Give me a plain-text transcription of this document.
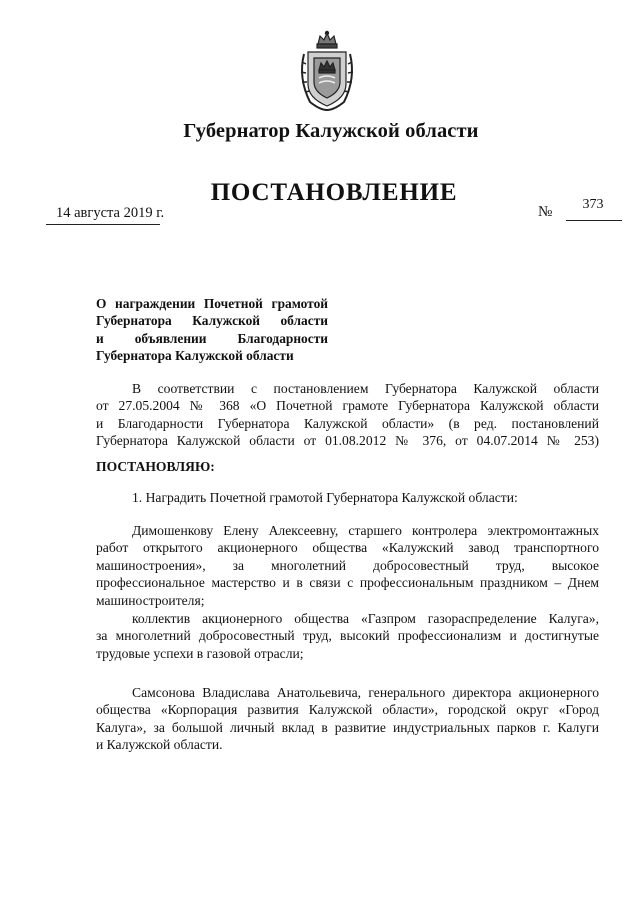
Губернатор Калужской области
ПОСТАНОВЛЕНИЕ
14 августа 2019 г.	№	373
О награждении Почетной грамотой
Губернатора Калужской области
и объявлении Благодарности
Губернатора Калужской области
В соответствии с постановлением Губернатора Калужской области
от 27.05.2004 № 368 «О Почетной грамоте Губернатора Калужской области
и Благодарности Губернатора Калужской области» (в ред. постановлений
Губернатора Калужской области от 01.08.2012 № 376, от 04.07.2014 № 253)
ПОСТАНОВЛЯЮ:
1. Наградить Почетной грамотой Губернатора Калужской области:
Димошенкову Елену Алексеевну, старшего контролера электромонтажных
работ открытого акционерного общества «Калужский завод транспортного
машиностроения», за многолетний добросовестный труд, высокое
профессиональное мастерство и в связи с профессиональным праздником – Днем
машиностроителя;
коллектив акционерного общества «Газпром газораспределение Калуга»,
за многолетний добросовестный труд, высокий профессионализм и достигнутые
трудовые успехи в газовой отрасли;
Самсонова Владислава Анатольевича, генерального директора акционерного
общества «Корпорация развития Калужской области», городской округ «Город
Калуга», за большой личный вклад в развитие индустриальных парков г. Калуги
и Калужской области.
